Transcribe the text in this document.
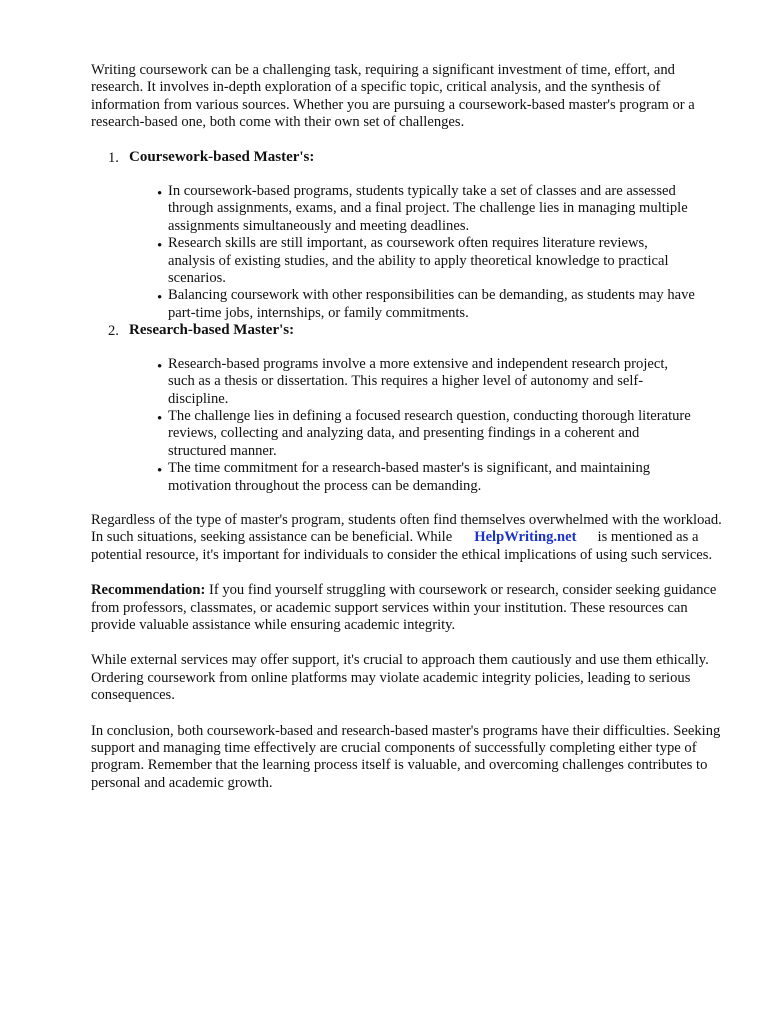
Writing coursework can be a challenging task, requiring a significant investment of time, effort, and research. It involves in-depth exploration of a specific topic, critical analysis, and the synthesis of information from various sources. Whether you are pursuing a coursework-based master's program or a research-based one, both come with their own set of challenges.

1. Coursework-based Master's:
• In coursework-based programs, students typically take a set of classes and are assessed through assignments, exams, and a final project. The challenge lies in managing multiple assignments simultaneously and meeting deadlines.
• Research skills are still important, as coursework often requires literature reviews, analysis of existing studies, and the ability to apply theoretical knowledge to practical scenarios.
• Balancing coursework with other responsibilities can be demanding, as students may have part-time jobs, internships, or family commitments.
2. Research-based Master's:
• Research-based programs involve a more extensive and independent research project, such as a thesis or dissertation. This requires a higher level of autonomy and self-discipline.
• The challenge lies in defining a focused research question, conducting thorough literature reviews, collecting and analyzing data, and presenting findings in a coherent and structured manner.
• The time commitment for a research-based master's is significant, and maintaining motivation throughout the process can be demanding.

Regardless of the type of master's program, students often find themselves overwhelmed with the workload. In such situations, seeking assistance can be beneficial. While HelpWriting.net is mentioned as a potential resource, it's important for individuals to consider the ethical implications of using such services.

Recommendation: If you find yourself struggling with coursework or research, consider seeking guidance from professors, classmates, or academic support services within your institution. These resources can provide valuable assistance while ensuring academic integrity.

While external services may offer support, it's crucial to approach them cautiously and use them ethically. Ordering coursework from online platforms may violate academic integrity policies, leading to serious consequences.

In conclusion, both coursework-based and research-based master's programs have their difficulties. Seeking support and managing time effectively are crucial components of successfully completing either type of program. Remember that the learning process itself is valuable, and overcoming challenges contributes to personal and academic growth.
